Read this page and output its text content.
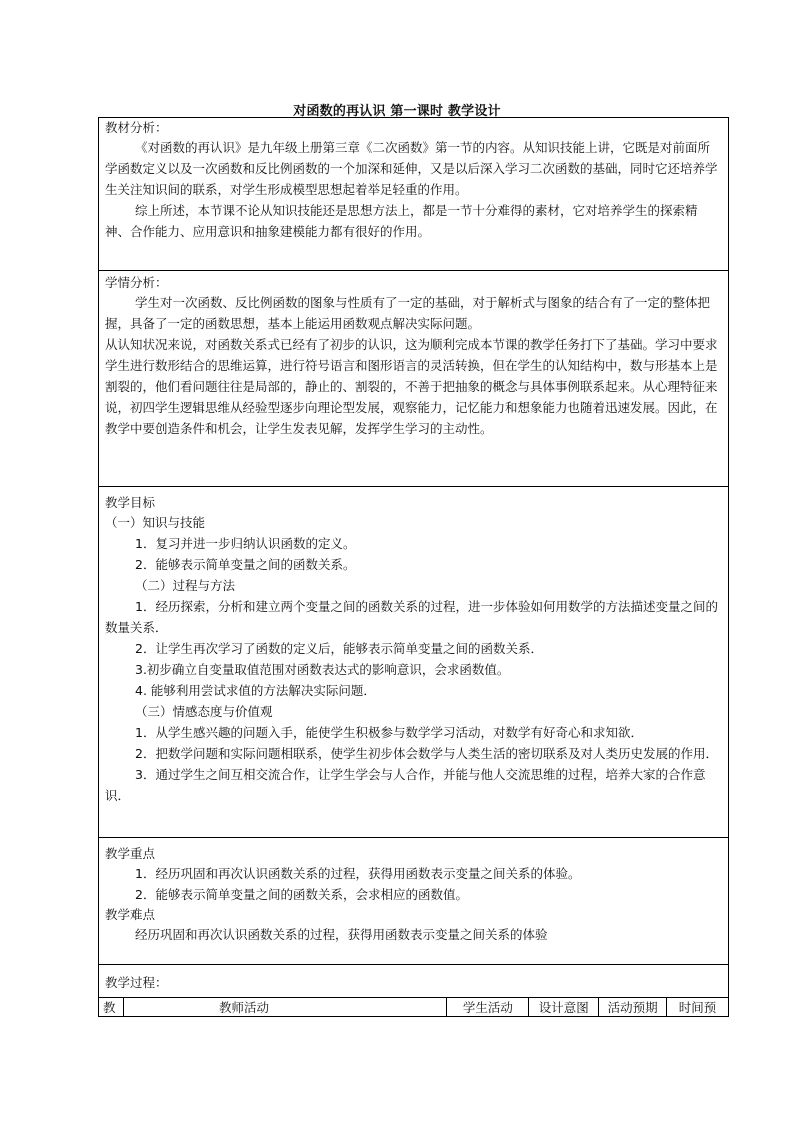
对函数的再认识 第一课时 教学设计
教材分析：

《对函数的再认识》是九年级上册第三章《二次函数》第一节的内容。从知识技能上讲，它既是对前面所学函数定义以及一次函数和反比例函数的一个加深和延伸，又是以后深入学习二次函数的基础，同时它还培养学生关注知识间的联系，对学生形成模型思想起着举足轻重的作用。

综上所述，本节课不论从知识技能还是思想方法上，都是一节十分难得的素材，它对培养学生的探索精神、合作能力、应用意识和抽象建模能力都有很好的作用。

学情分析：

学生对一次函数、反比例函数的图象与性质有了一定的基础，对于解析式与图象的结合有了一定的整体把握，具备了一定的函数思想，基本上能运用函数观点解决实际问题。

从认知状况来说，对函数关系式已经有了初步的认识，这为顺利完成本节课的教学任务打下了基础。学习中要求学生进行数形结合的思维运算，进行符号语言和图形语言的灵活转换，但在学生的认知结构中，数与形基本上是割裂的，他们看问题往往是局部的，静止的、割裂的，不善于把抽象的概念与具体事例联系起来。从心理特征来说，初四学生逻辑思维从经验型逐步向理论型发展，观察能力，记忆能力和想象能力也随着迅速发展。因此，在教学中要创造条件和机会，让学生发表见解，发挥学生学习的主动性。

教学目标

（一）知识与技能

1．复习并进一步归纳认识函数的定义。

2．能够表示简单变量之间的函数关系。

（二）过程与方法

1．经历探索，分析和建立两个变量之间的函数关系的过程，进一步体验如何用数学的方法描述变量之间的数量关系．

2．让学生再次学习了函数的定义后，能够表示简单变量之间的函数关系．

3.初步确立自变量取值范围对函数表达式的影响意识，会求函数值。

4. 能够利用尝试求值的方法解决实际问题．

（三）情感态度与价值观

1．从学生感兴趣的问题入手，能使学生积极参与数学学习活动，对数学有好奇心和求知欲．

2．把数学问题和实际问题相联系，使学生初步体会数学与人类生活的密切联系及对人类历史发展的作用．

3．通过学生之间互相交流合作，让学生学会与人合作，并能与他人交流思维的过程，培养大家的合作意识．

教学重点

1．经历巩固和再次认识函数关系的过程，获得用函数表示变量之间关系的体验。

2．能够表示简单变量之间的函数关系，会求相应的函数值。

教学难点

经历巩固和再次认识函数关系的过程，获得用函数表示变量之间关系的体验

教学过程：
教	教师活动	学生活动	设计意图	活动预期	时间预
